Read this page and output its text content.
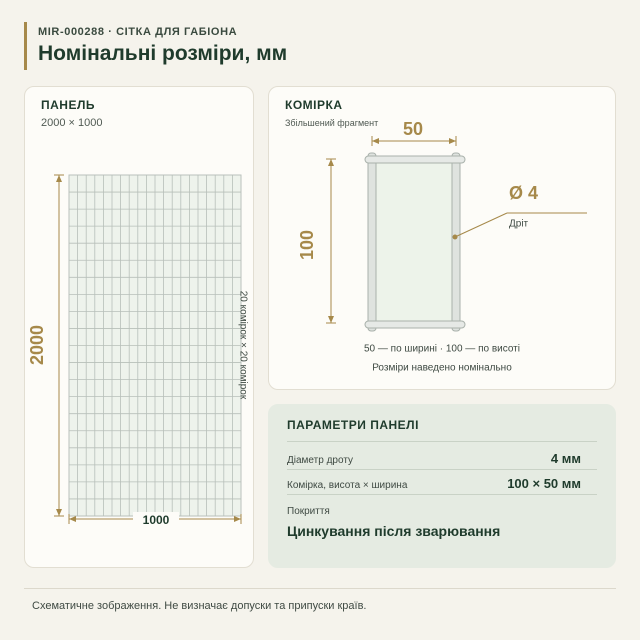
MIR-000288 · СІТКА ДЛЯ ГАБІОНА
Номінальні розміри, мм
ПАНЕЛЬ
2000 × 1000
2000
1000
20 комірок × 20 комірок
КОМІРКА
Збільшений фрагмент 50
100
Ø 4
Дріт
50 — по ширині · 100 — по висоті
Розміри наведено номінально
ПАРАМЕТРИ ПАНЕЛІ
Діаметр дроту	4 мм
Комірка, висота × ширина	100 × 50 мм
Покриття
Цинкування після зварювання
Схематичне зображення. Не визначає допуски та припуски країв.
